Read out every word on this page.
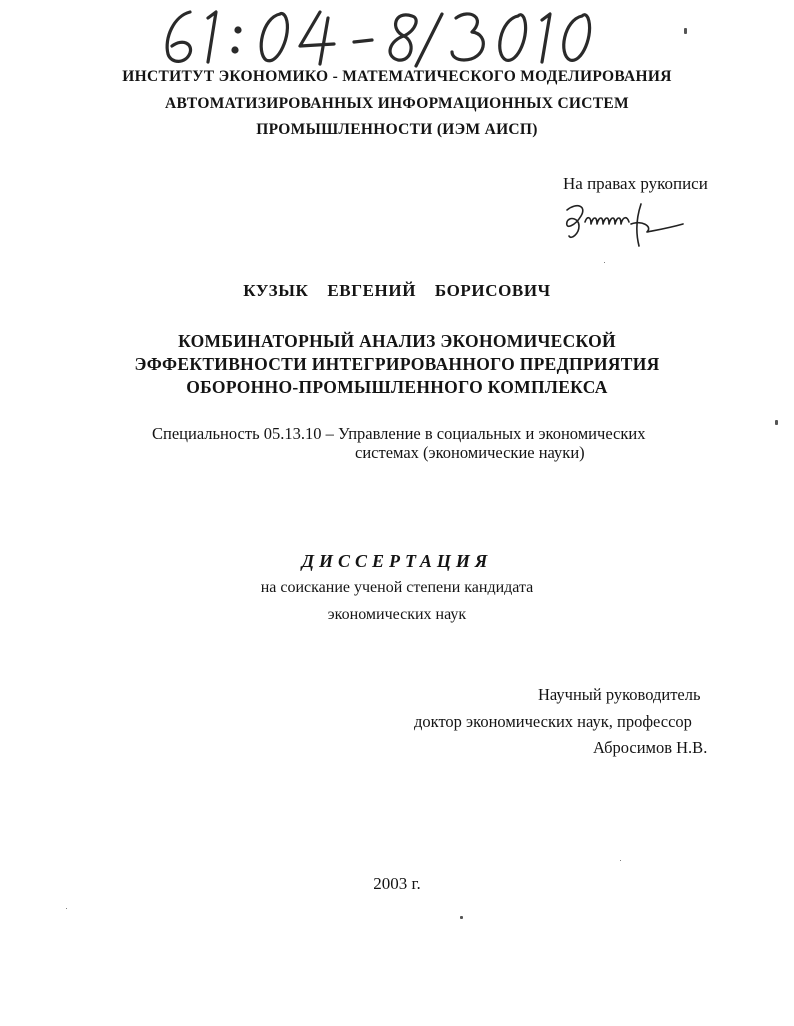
ИНСТИТУТ ЭКОНОМИКО - МАТЕМАТИЧЕСКОГО МОДЕЛИРОВАНИЯ
АВТОМАТИЗИРОВАННЫХ ИНФОРМАЦИОННЫХ СИСТЕМ
ПРОМЫШЛЕННОСТИ (ИЭМ АИСП)
На правах рукописи
КУЗЫК ЕВГЕНИЙ БОРИСОВИЧ
КОМБИНАТОРНЫЙ АНАЛИЗ ЭКОНОМИЧЕСКОЙ
ЭФФЕКТИВНОСТИ ИНТЕГРИРОВАННОГО ПРЕДПРИЯТИЯ
ОБОРОННО-ПРОМЫШЛЕННОГО КОМПЛЕКСА
Специальность 05.13.10 – Управление в социальных и экономических
системах (экономические науки)
ДИССЕРТАЦИЯ
на соискание ученой степени кандидата
экономических наук
Научный руководитель
доктор экономических наук, профессор
Абросимов Н.В.
2003 г.
